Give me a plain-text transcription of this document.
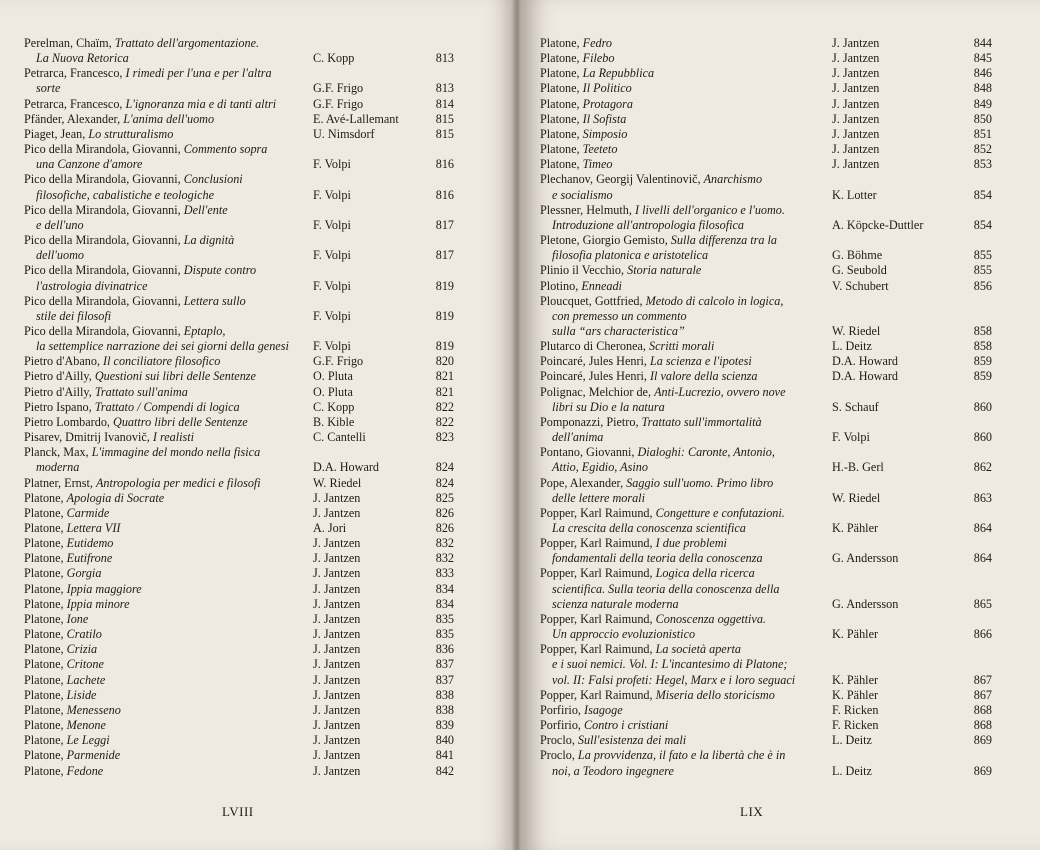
Perelman, Chaïm, Trattato dell'argomentazione.
La Nuova Retorica	C. Kopp	813
Petrarca, Francesco, I rimedi per l'una e per l'altra
sorte	G.F. Frigo	813
Petrarca, Francesco, L'ignoranza mia e di tanti altri	G.F. Frigo	814
Pfänder, Alexander, L'anima dell'uomo	E. Avé-Lallemant	815
Piaget, Jean, Lo strutturalismo	U. Nimsdorf	815
Pico della Mirandola, Giovanni, Commento sopra
una Canzone d'amore	F. Volpi	816
Pico della Mirandola, Giovanni, Conclusioni
filosofiche, cabalistiche e teologiche	F. Volpi	816
Pico della Mirandola, Giovanni, Dell'ente
e dell'uno	F. Volpi	817
Pico della Mirandola, Giovanni, La dignità
dell'uomo	F. Volpi	817
Pico della Mirandola, Giovanni, Dispute contro
l'astrologia divinatrice	F. Volpi	819
Pico della Mirandola, Giovanni, Lettera sullo
stile dei filosofi	F. Volpi	819
Pico della Mirandola, Giovanni, Eptaplo,
la settemplice narrazione dei sei giorni della genesi	F. Volpi	819
Pietro d'Abano, Il conciliatore filosofico	G.F. Frigo	820
Pietro d'Ailly, Questioni sui libri delle Sentenze	O. Pluta	821
Pietro d'Ailly, Trattato sull'anima	O. Pluta	821
Pietro Ispano, Trattato / Compendi di logica	C. Kopp	822
Pietro Lombardo, Quattro libri delle Sentenze	B. Kible	822
Pisarev, Dmitrij Ivanovič, I realisti	C. Cantelli	823
Planck, Max, L'immagine del mondo nella fisica
moderna	D.A. Howard	824
Platner, Ernst, Antropologia per medici e filosofi	W. Riedel	824
Platone, Apologia di Socrate	J. Jantzen	825
Platone, Carmide	J. Jantzen	826
Platone, Lettera VII	A. Jori	826
Platone, Eutidemo	J. Jantzen	832
Platone, Eutifrone	J. Jantzen	832
Platone, Gorgia	J. Jantzen	833
Platone, Ippia maggiore	J. Jantzen	834
Platone, Ippia minore	J. Jantzen	834
Platone, Ione	J. Jantzen	835
Platone, Cratilo	J. Jantzen	835
Platone, Crizia	J. Jantzen	836
Platone, Critone	J. Jantzen	837
Platone, Lachete	J. Jantzen	837
Platone, Liside	J. Jantzen	838
Platone, Menesseno	J. Jantzen	838
Platone, Menone	J. Jantzen	839
Platone, Le Leggi	J. Jantzen	840
Platone, Parmenide	J. Jantzen	841
Platone, Fedone	J. Jantzen	842
LVIII
Platone, Fedro	J. Jantzen	844
Platone, Filebo	J. Jantzen	845
Platone, La Repubblica	J. Jantzen	846
Platone, Il Politico	J. Jantzen	848
Platone, Protagora	J. Jantzen	849
Platone, Il Sofista	J. Jantzen	850
Platone, Simposio	J. Jantzen	851
Platone, Teeteto	J. Jantzen	852
Platone, Timeo	J. Jantzen	853
Plechanov, Georgij Valentinovič, Anarchismo
e socialismo	K. Lotter	854
Plessner, Helmuth, I livelli dell'organico e l'uomo.
Introduzione all'antropologia filosofica	A. Köpcke-Duttler	854
Pletone, Giorgio Gemisto, Sulla differenza tra la
filosofia platonica e aristotelica	G. Böhme	855
Plinio il Vecchio, Storia naturale	G. Seubold	855
Plotino, Enneadi	V. Schubert	856
Ploucquet, Gottfried, Metodo di calcolo in logica,
con premesso un commento
sulla “ars characteristica”	W. Riedel	858
Plutarco di Cheronea, Scritti morali	L. Deitz	858
Poincaré, Jules Henri, La scienza e l'ipotesi	D.A. Howard	859
Poincaré, Jules Henri, Il valore della scienza	D.A. Howard	859
Polignac, Melchior de, Anti-Lucrezio, ovvero nove
libri su Dio e la natura	S. Schauf	860
Pomponazzi, Pietro, Trattato sull'immortalità
dell'anima	F. Volpi	860
Pontano, Giovanni, Dialoghi: Caronte, Antonio,
Attio, Egidio, Asino	H.-B. Gerl	862
Pope, Alexander, Saggio sull'uomo. Primo libro
delle lettere morali	W. Riedel	863
Popper, Karl Raimund, Congetture e confutazioni.
La crescita della conoscenza scientifica	K. Pähler	864
Popper, Karl Raimund, I due problemi
fondamentali della teoria della conoscenza	G. Andersson	864
Popper, Karl Raimund, Logica della ricerca
scientifica. Sulla teoria della conoscenza della
scienza naturale moderna	G. Andersson	865
Popper, Karl Raimund, Conoscenza oggettiva.
Un approccio evoluzionistico	K. Pähler	866
Popper, Karl Raimund, La società aperta
e i suoi nemici. Vol. I: L'incantesimo di Platone;
vol. II: Falsi profeti: Hegel, Marx e i loro seguaci	K. Pähler	867
Popper, Karl Raimund, Miseria dello storicismo	K. Pähler	867
Porfirio, Isagoge	F. Ricken	868
Porfirio, Contro i cristiani	F. Ricken	868
Proclo, Sull'esistenza dei mali	L. Deitz	869
Proclo, La provvidenza, il fato e la libertà che è in
noi, a Teodoro ingegnere	L. Deitz	869
LIX
